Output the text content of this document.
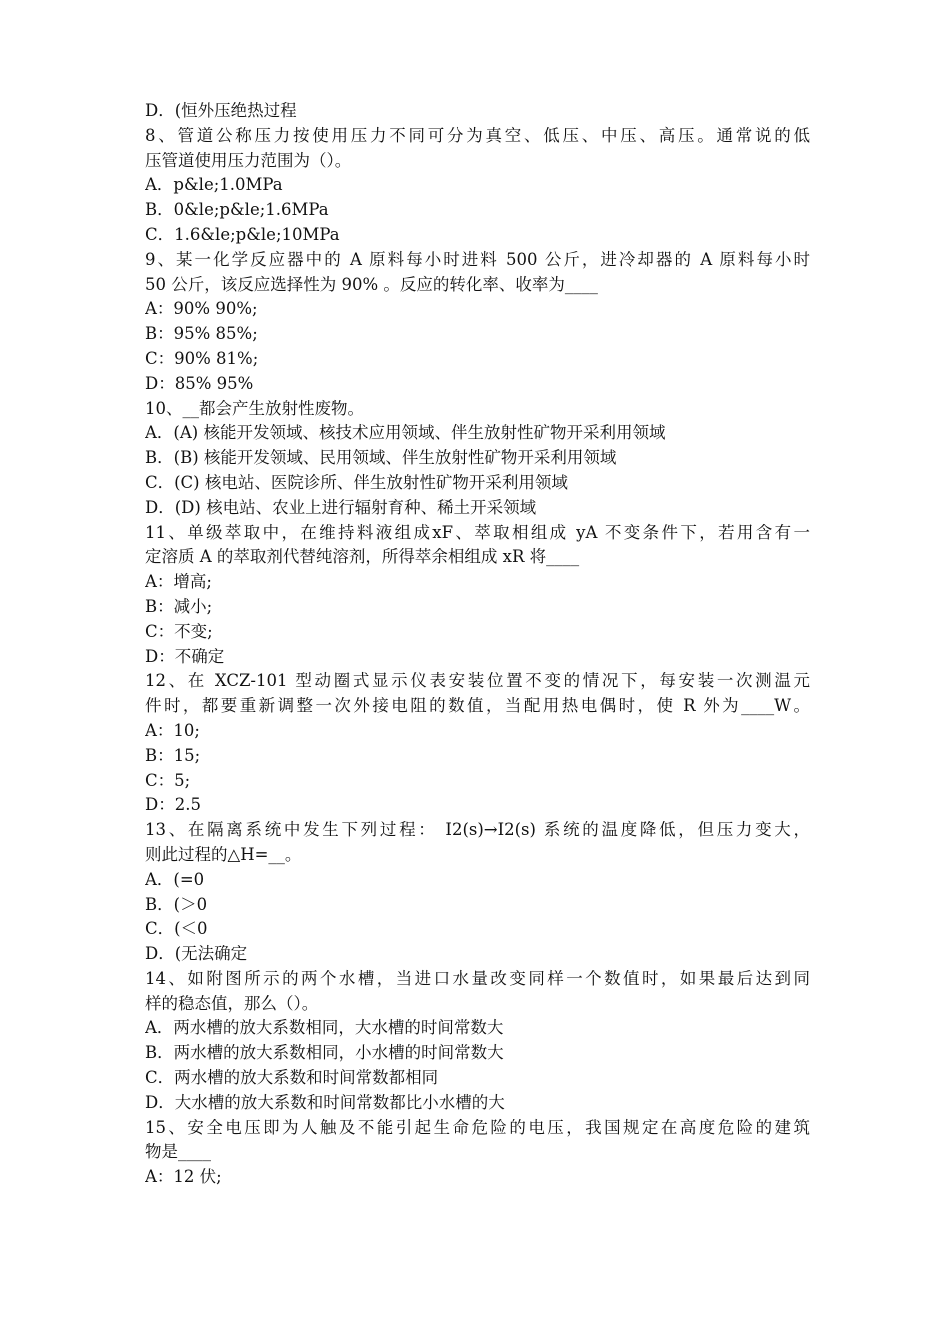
D．(恒外压绝热过程
8、管道公称压力按使用压力不同可分为真空、低压、中压、高压。通常说的低
压管道使用压力范围为（）。
A．p&le;1.0MPa
B．0&le;p&le;1.6MPa
C．1.6&le;p&le;10MPa
9、某一化学反应器中的 A 原料每小时进料 500 公斤，进冷却器的 A 原料每小时
50 公斤，该反应选择性为 90% 。反应的转化率、收率为____
A：90% 90%;
B：95% 85%;
C：90% 81%;
D：85% 95%
10、__都会产生放射性废物。
A．(A) 核能开发领域、核技术应用领域、伴生放射性矿物开采利用领域
B．(B) 核能开发领域、民用领域、伴生放射性矿物开采利用领域
C．(C) 核电站、医院诊所、伴生放射性矿物开采利用领域
D．(D) 核电站、农业上进行辐射育种、稀土开采领域
11、单级萃取中，在维持料液组成xF、萃取相组成 yA 不变条件下，若用含有一
定溶质 A 的萃取剂代替纯溶剂，所得萃余相组成 xR 将____
A：增高;
B：减小;
C：不变;
D：不确定
12、在 XCZ-101 型动圈式显示仪表安装位置不变的情况下，每安装一次测温元
件时，都要重新调整一次外接电阻的数值，当配用热电偶时，使 R 外为____W。
A：10;
B：15;
C：5;
D：2.5
13、在隔离系统中发生下列过程： I2(s)→I2(s) 系统的温度降低，但压力变大，
则此过程的△H=__。
A．(=0
B．(＞0
C．(＜0
D．(无法确定
14、如附图所示的两个水槽，当进口水量改变同样一个数值时，如果最后达到同
样的稳态值，那么（）。
A．两水槽的放大系数相同，大水槽的时间常数大
B．两水槽的放大系数相同，小水槽的时间常数大
C．两水槽的放大系数和时间常数都相同
D．大水槽的放大系数和时间常数都比小水槽的大
15、安全电压即为人触及不能引起生命危险的电压，我国规定在高度危险的建筑
物是____
A：12 伏;
